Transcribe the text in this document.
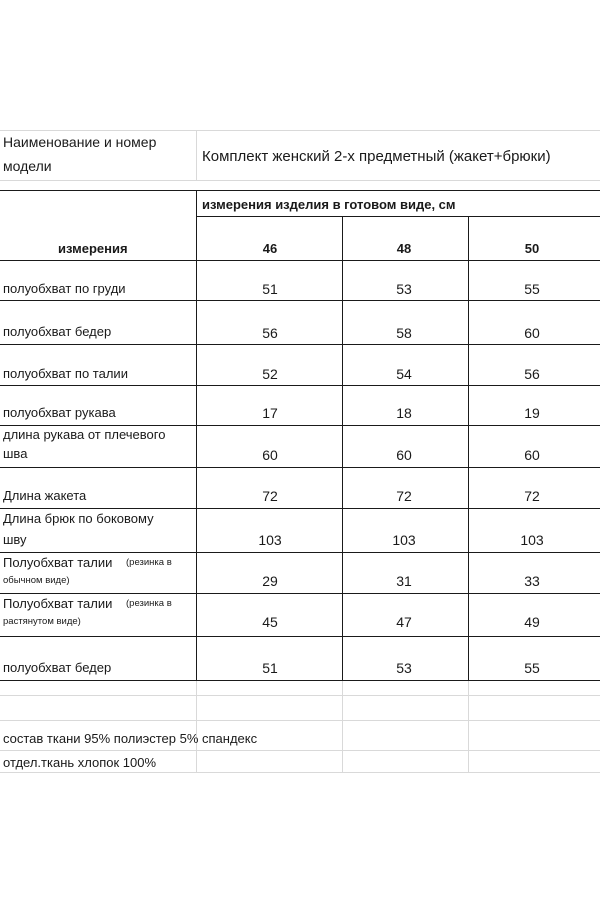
Наименование и номер
модели
Комплект женский 2-х предметный (жакет+брюки)
измерения изделия в готовом виде, см
измерения	46	48	50
полуобхват по груди	51	53	55
полуобхват бедер	56	58	60
полуобхват по талии	52	54	56
полуобхват рукава	17	18	19
длина рукава от плечевого
шва	60	60	60
Длина жакета	72	72	72
Длина брюк по боковому
шву	103	103	103
Полуобхват талии (резинка в
обычном виде)	29	31	33
Полуобхват талии (резинка в
растянутом виде)	45	47	49
полуобхват бедер	51	53	55
состав ткани 95% полиэстер 5% спандекс
отдел.ткань хлопок 100%
